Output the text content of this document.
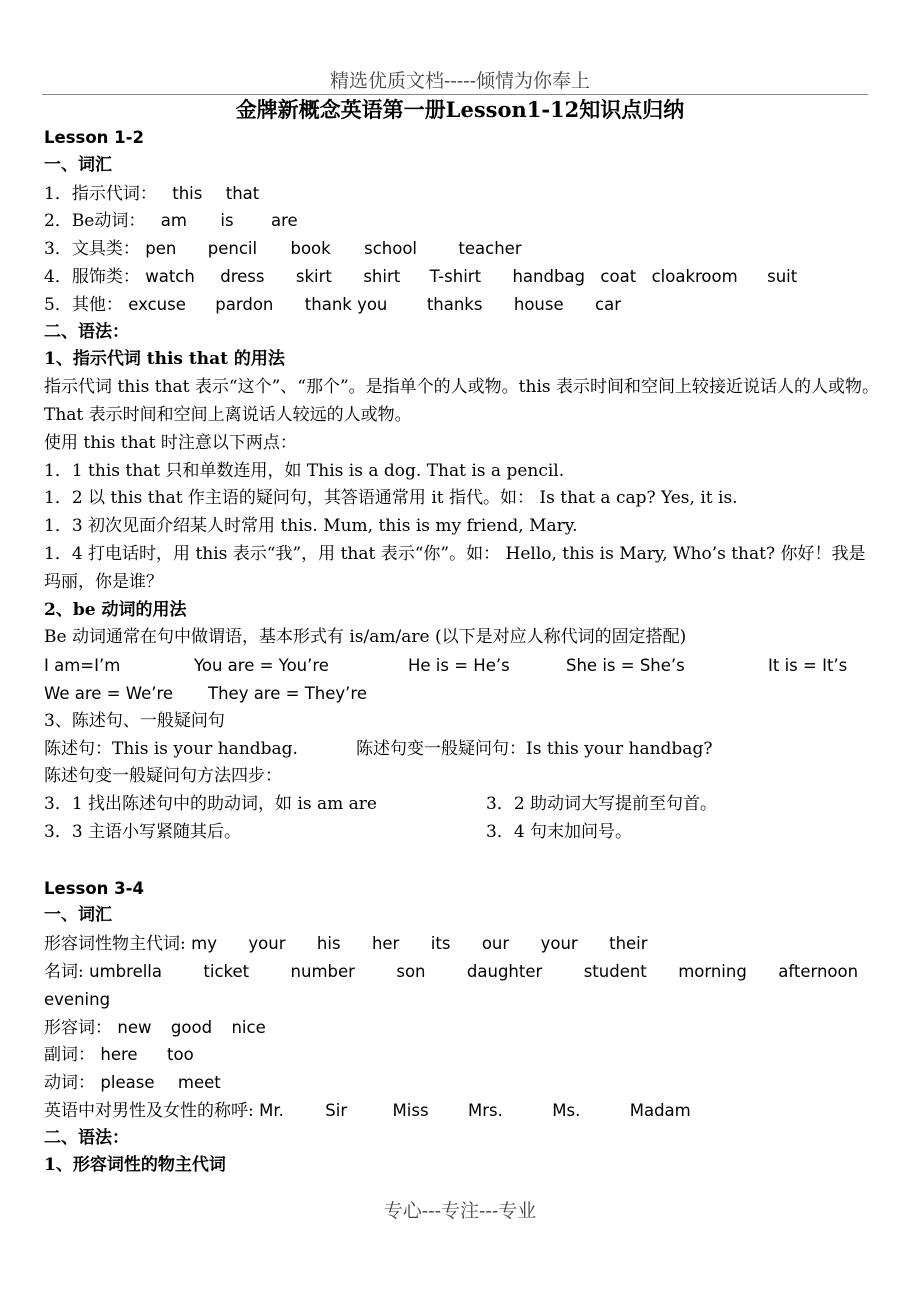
精选优质文档-----倾情为你奉上
金牌新概念英语第一册Lesson1-12知识点归纳
Lesson 1-2
一、词汇
1．指示代词： this that
2．Be动词： am is are
3．文具类： pen pencil book school	teacher
4．服饰类： watch dress skirt shirt T-shirt handbag coat cloakroom suit
5．其他： excuse pardon thank you thanks house car
二、语法：
1、指示代词 this that 的用法
指示代词 this that 表示“这个”、“那个”。是指单个的人或物。this 表示时间和空间上较接近说话人的人或物。That 表示时间和空间上离说话人较远的人或物。
使用 this that 时注意以下两点：
1．1 this that 只和单数连用，如 This is a dog. That is a pencil.
1．2 以 this that 作主语的疑问句，其答语通常用 it 指代。如： Is that a cap? Yes, it is.
1．3 初次见面介绍某人时常用 this. Mum, this is my friend, Mary.
1．4 打电话时，用 this 表示“我”，用 that 表示“你”。如： Hello, this is Mary, Who’s that? 你好！我是玛丽，你是谁？
2、be 动词的用法
Be 动词通常在句中做谓语，基本形式有 is/am/are (以下是对应人称代词的固定搭配)
I am=I’m	You are = You’re	He is = He’s	She is = She’s	It is = It’s
We are = We’re They are = They’re
3、陈述句、一般疑问句
陈述句：This is your handbag.	陈述句变一般疑问句：Is this your handbag?
陈述句变一般疑问句方法四步：
3．1 找出陈述句中的助动词，如 is am are	3．2 助动词大写提前至句首。
3．3 主语小写紧随其后。	3．4 句末加问号。
Lesson 3-4
一、词汇
形容词性物主代词: my your his her its our your their
名词: umbrella	ticket	number	son	daughter	student morning afternoon
evening
形容词： new good nice
副词： here too
动词： please meet
英语中对男性及女性的称呼: Mr.	Sir	Miss Mrs.	Ms.	Madam
二、语法：
1、形容词性的物主代词
专心---专注---专业
